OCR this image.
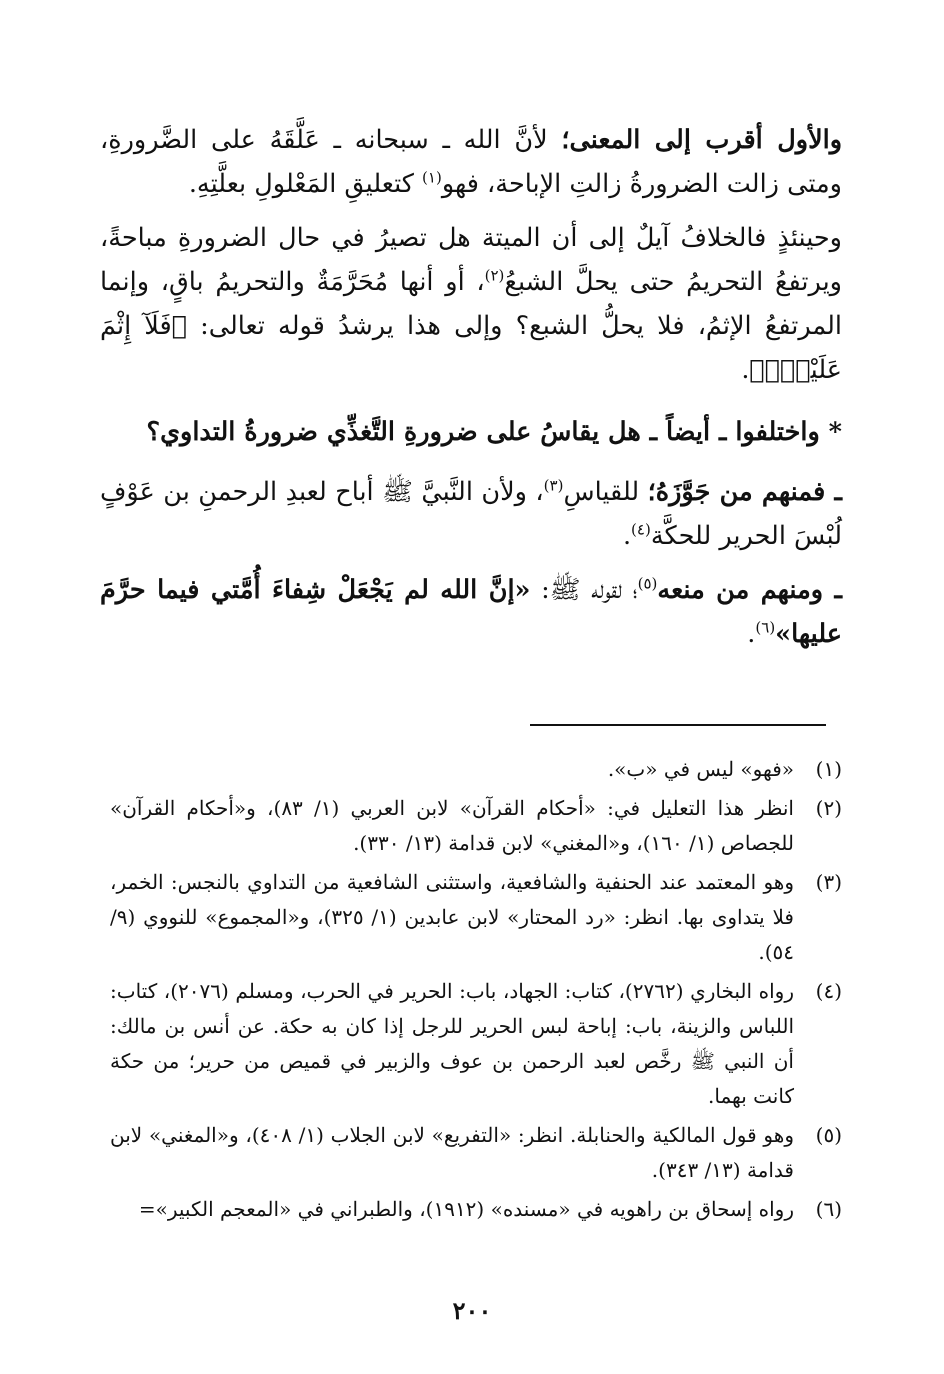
والأول أقرب إلى المعنى؛ لأنَّ الله ـ سبحانه ـ عَلَّقَهُ على الضَّرورةِ، ومتى زالت الضرورةُ زالتِ الإباحة، فهو$^{(١)}$ كتعليقِ المَعْلولِ بعلَّتِهِ.

وحينئذٍ فالخلافُ آيلٌ إلى أن الميتة هل تصيرُ في حال الضرورةِ مباحةً، ويرتفعُ التحريمُ حتى يحلَّ الشبعُ$^{(٢)}$، أو أنها مُحَرَّمَةٌ والتحريمُ باقٍ، وإنما المرتفعُ الإثمُ، فلا يحلُّ الشبع؟ وإلى هذا يرشدُ قوله تعالى: ﴿فَلَآ إِثْمَ عَلَيْهِۚ﴾.

* واختلفوا ـ أيضاً ـ هل يقاسُ على ضرورةِ التَّغذِّي ضرورةُ التداوي؟

ـ فمنهم من جَوَّزَهُ؛ للقياسِ$^{(٣)}$، ولأن النَّبيَّ ﷺ أباح لعبدِ الرحمنِ بن عَوْفٍ لُبْسَ الحرير للحكَّة$^{(٤)}$.

ـ ومنهم من منعه$^{(٥)}$؛ لقوله ﷺ: «إنَّ الله لم يَجْعَلْ شِفاءَ أُمَّتي فيما حرَّمَ عليها»$^{(٦)}$.

(١)
«فهو» ليس في «ب».
(٢)
انظر هذا التعليل في: «أحكام القرآن» لابن العربي (١/ ٨٣)، و«أحكام القرآن» للجصاص (١/ ١٦٠)، و«المغني» لابن قدامة (١٣/ ٣٣٠).
(٣)
وهو المعتمد عند الحنفية والشافعية، واستثنى الشافعية من التداوي بالنجس: الخمر، فلا يتداوى بها. انظر: «رد المحتار» لابن عابدين (١/ ٣٢٥)، و«المجموع» للنووي (٩/ ٥٤).
(٤)
رواه البخاري (٢٧٦٢)، كتاب: الجهاد، باب: الحرير في الحرب، ومسلم (٢٠٧٦)، كتاب: اللباس والزينة، باب: إباحة لبس الحرير للرجل إذا كان به حكة. عن أنس بن مالك: أن النبي ﷺ رخَّص لعبد الرحمن بن عوف والزبير في قميص من حرير؛ من حكة كانت بهما.
(٥)
وهو قول المالكية والحنابلة. انظر: «التفريع» لابن الجلاب (١/ ٤٠٨)، و«المغني» لابن قدامة (١٣/ ٣٤٣).
(٦)
رواه إسحاق بن راهويه في «مسنده» (١٩١٢)، والطبراني في «المعجم الكبير»=
٢٠٠
